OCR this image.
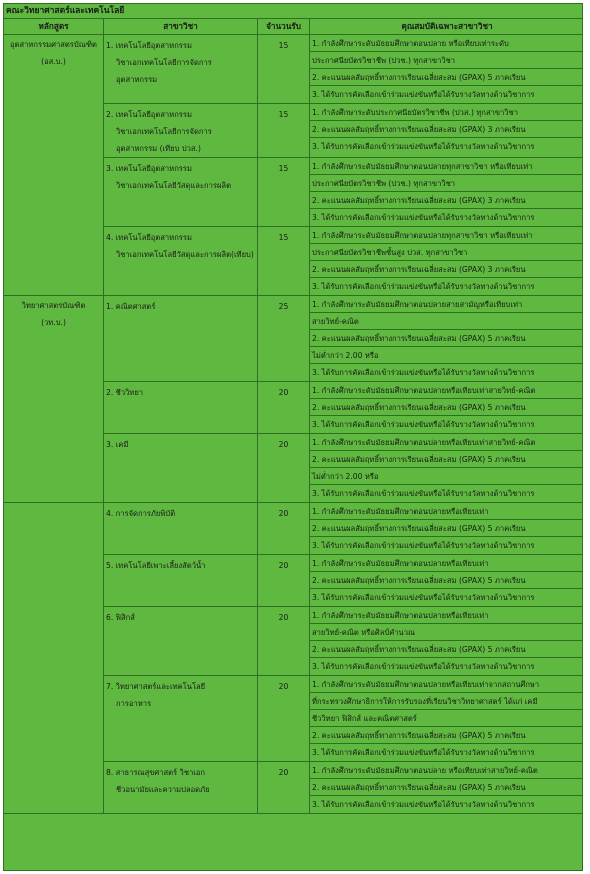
คณะวิทยาศาสตร์และเทคโนโลยี
หลักสูตร	สาขาวิชา	จำนวนรับ	คุณสมบัติเฉพาะสาขาวิชา
อุตสาหกรรมศาสตรบัณฑิต
(อส.บ.)
1. เทคโนโลยีอุตสาหกรรม
วิชาเอกเทคโนโลยีการจัดการ
อุตสาหกรรม
15	1. กำลังศึกษาระดับมัธยมศึกษาตอนปลาย หรือเทียบเท่าระดับ
ประกาศนียบัตรวิชาชีพ (ปวช.) ทุกสาขาวิชา
2. คะแนนผลสัมฤทธิ์ทางการเรียนเฉลี่ยสะสม (GPAX) 5 ภาคเรียน
3. ได้รับการคัดเลือกเข้าร่วมแข่งขันหรือได้รับรางวัลทางด้านวิชาการ
2. เทคโนโลยีอุตสาหกรรม
วิชาเอกเทคโนโลยีการจัดการ
อุตสาหกรรม (เทียบ ปวส.)
15	1. กำลังศึกษาระดับประกาศนียบัตรวิชาชีพ (ปวส.) ทุกสาขาวิชา
2. คะแนนผลสัมฤทธิ์ทางการเรียนเฉลี่ยสะสม (GPAX) 3 ภาคเรียน
3. ได้รับการคัดเลือกเข้าร่วมแข่งขันหรือได้รับรางวัลทางด้านวิชาการ
3. เทคโนโลยีอุตสาหกรรม
วิชาเอกเทคโนโลยีวัสดุและการผลิต
15	1. กำลังศึกษาระดับมัธยมศึกษาตอนปลายทุกสาขาวิชา หรือเทียบเท่า
ประกาศนียบัตรวิชาชีพ (ปวช.) ทุกสาขาวิชา
2. คะแนนผลสัมฤทธิ์ทางการเรียนเฉลี่ยสะสม (GPAX) 3 ภาคเรียน
3. ได้รับการคัดเลือกเข้าร่วมแข่งขันหรือได้รับรางวัลทางด้านวิชาการ
4. เทคโนโลยีอุตสาหกรรม
วิชาเอกเทคโนโลยีวัสดุและการผลิต(เทียบ)
15	1. กำลังศึกษาระดับมัธยมศึกษาตอนปลายทุกสาขาวิชา หรือเทียบเท่า
ประกาศนียบัตรวิชาชีพชั้นสูง ปวส. ทุกสาขาวิชา
2. คะแนนผลสัมฤทธิ์ทางการเรียนเฉลี่ยสะสม (GPAX) 3 ภาคเรียน
3. ได้รับการคัดเลือกเข้าร่วมแข่งขันหรือได้รับรางวัลทางด้านวิชาการ
วิทยาศาสตรบัณฑิต
(วท.บ.)
1. คณิตศาสตร์	25	1. กำลังศึกษาระดับมัธยมศึกษาตอนปลายสายสามัญหรือเทียบเท่า
สายวิทย์-คณิต
2. คะแนนผลสัมฤทธิ์ทางการเรียนเฉลี่ยสะสม (GPAX) 5 ภาคเรียน
ไม่ต่ำกว่า 2.00 หรือ
3. ได้รับการคัดเลือกเข้าร่วมแข่งขันหรือได้รับรางวัลทางด้านวิชาการ
2. ชีววิทยา	20	1. กำลังศึกษาระดับมัธยมศึกษาตอนปลายหรือเทียบเท่าสายวิทย์-คณิต
2. คะแนนผลสัมฤทธิ์ทางการเรียนเฉลี่ยสะสม (GPAX) 5 ภาคเรียน
3. ได้รับการคัดเลือกเข้าร่วมแข่งขันหรือได้รับรางวัลทางด้านวิชาการ
3. เคมี	20	1. กำลังศึกษาระดับมัธยมศึกษาตอนปลายหรือเทียบเท่าสายวิทย์-คณิต
2. คะแนนผลสัมฤทธิ์ทางการเรียนเฉลี่ยสะสม (GPAX) 5 ภาคเรียน
ไม่ต่ำกว่า 2.00 หรือ
3. ได้รับการคัดเลือกเข้าร่วมแข่งขันหรือได้รับรางวัลทางด้านวิชาการ
4. การจัดการภัยพิบัติ	20	1. กำลังศึกษาระดับมัธยมศึกษาตอนปลายหรือเทียบเท่า
2. คะแนนผลสัมฤทธิ์ทางการเรียนเฉลี่ยสะสม (GPAX) 5 ภาคเรียน
3. ได้รับการคัดเลือกเข้าร่วมแข่งขันหรือได้รับรางวัลทางด้านวิชาการ
5. เทคโนโลยีเพาะเลี้ยงสัตว์น้ำ	20	1. กำลังศึกษาระดับมัธยมศึกษาตอนปลายหรือเทียบเท่า
2. คะแนนผลสัมฤทธิ์ทางการเรียนเฉลี่ยสะสม (GPAX) 5 ภาคเรียน
3. ได้รับการคัดเลือกเข้าร่วมแข่งขันหรือได้รับรางวัลทางด้านวิชาการ
6. ฟิสิกส์	20	1. กำลังศึกษาระดับมัธยมศึกษาตอนปลายหรือเทียบเท่า
สายวิทย์-คณิต หรือศิลป์คำนวณ
2. คะแนนผลสัมฤทธิ์ทางการเรียนเฉลี่ยสะสม (GPAX) 5 ภาคเรียน
3. ได้รับการคัดเลือกเข้าร่วมแข่งขันหรือได้รับรางวัลทางด้านวิชาการ
7. วิทยาศาสตร์และเทคโนโลยี
การอาหาร
20	1. กำลังศึกษาระดับมัธยมศึกษาตอนปลายหรือเทียบเท่าจากสถานศึกษา
ที่กระทรวงศึกษาธิการให้การรับรองที่เรียนวิชาวิทยาศาสตร์ ได้แก่ เคมี
ชีววิทยา ฟิสิกส์ และคณิตศาสตร์
2. คะแนนผลสัมฤทธิ์ทางการเรียนเฉลี่ยสะสม (GPAX) 5 ภาคเรียน
3. ได้รับการคัดเลือกเข้าร่วมแข่งขันหรือได้รับรางวัลทางด้านวิชาการ
8. สาธารณสุขศาสตร์ วิชาเอก
ชีวอนามัยและความปลอดภัย
20	1. กำลังศึกษาระดับมัธยมศึกษาตอนปลาย หรือเทียบเท่าสายวิทย์-คณิต
2. คะแนนผลสัมฤทธิ์ทางการเรียนเฉลี่ยสะสม (GPAX) 5 ภาคเรียน
3. ได้รับการคัดเลือกเข้าร่วมแข่งขันหรือได้รับรางวัลทางด้านวิชาการ
